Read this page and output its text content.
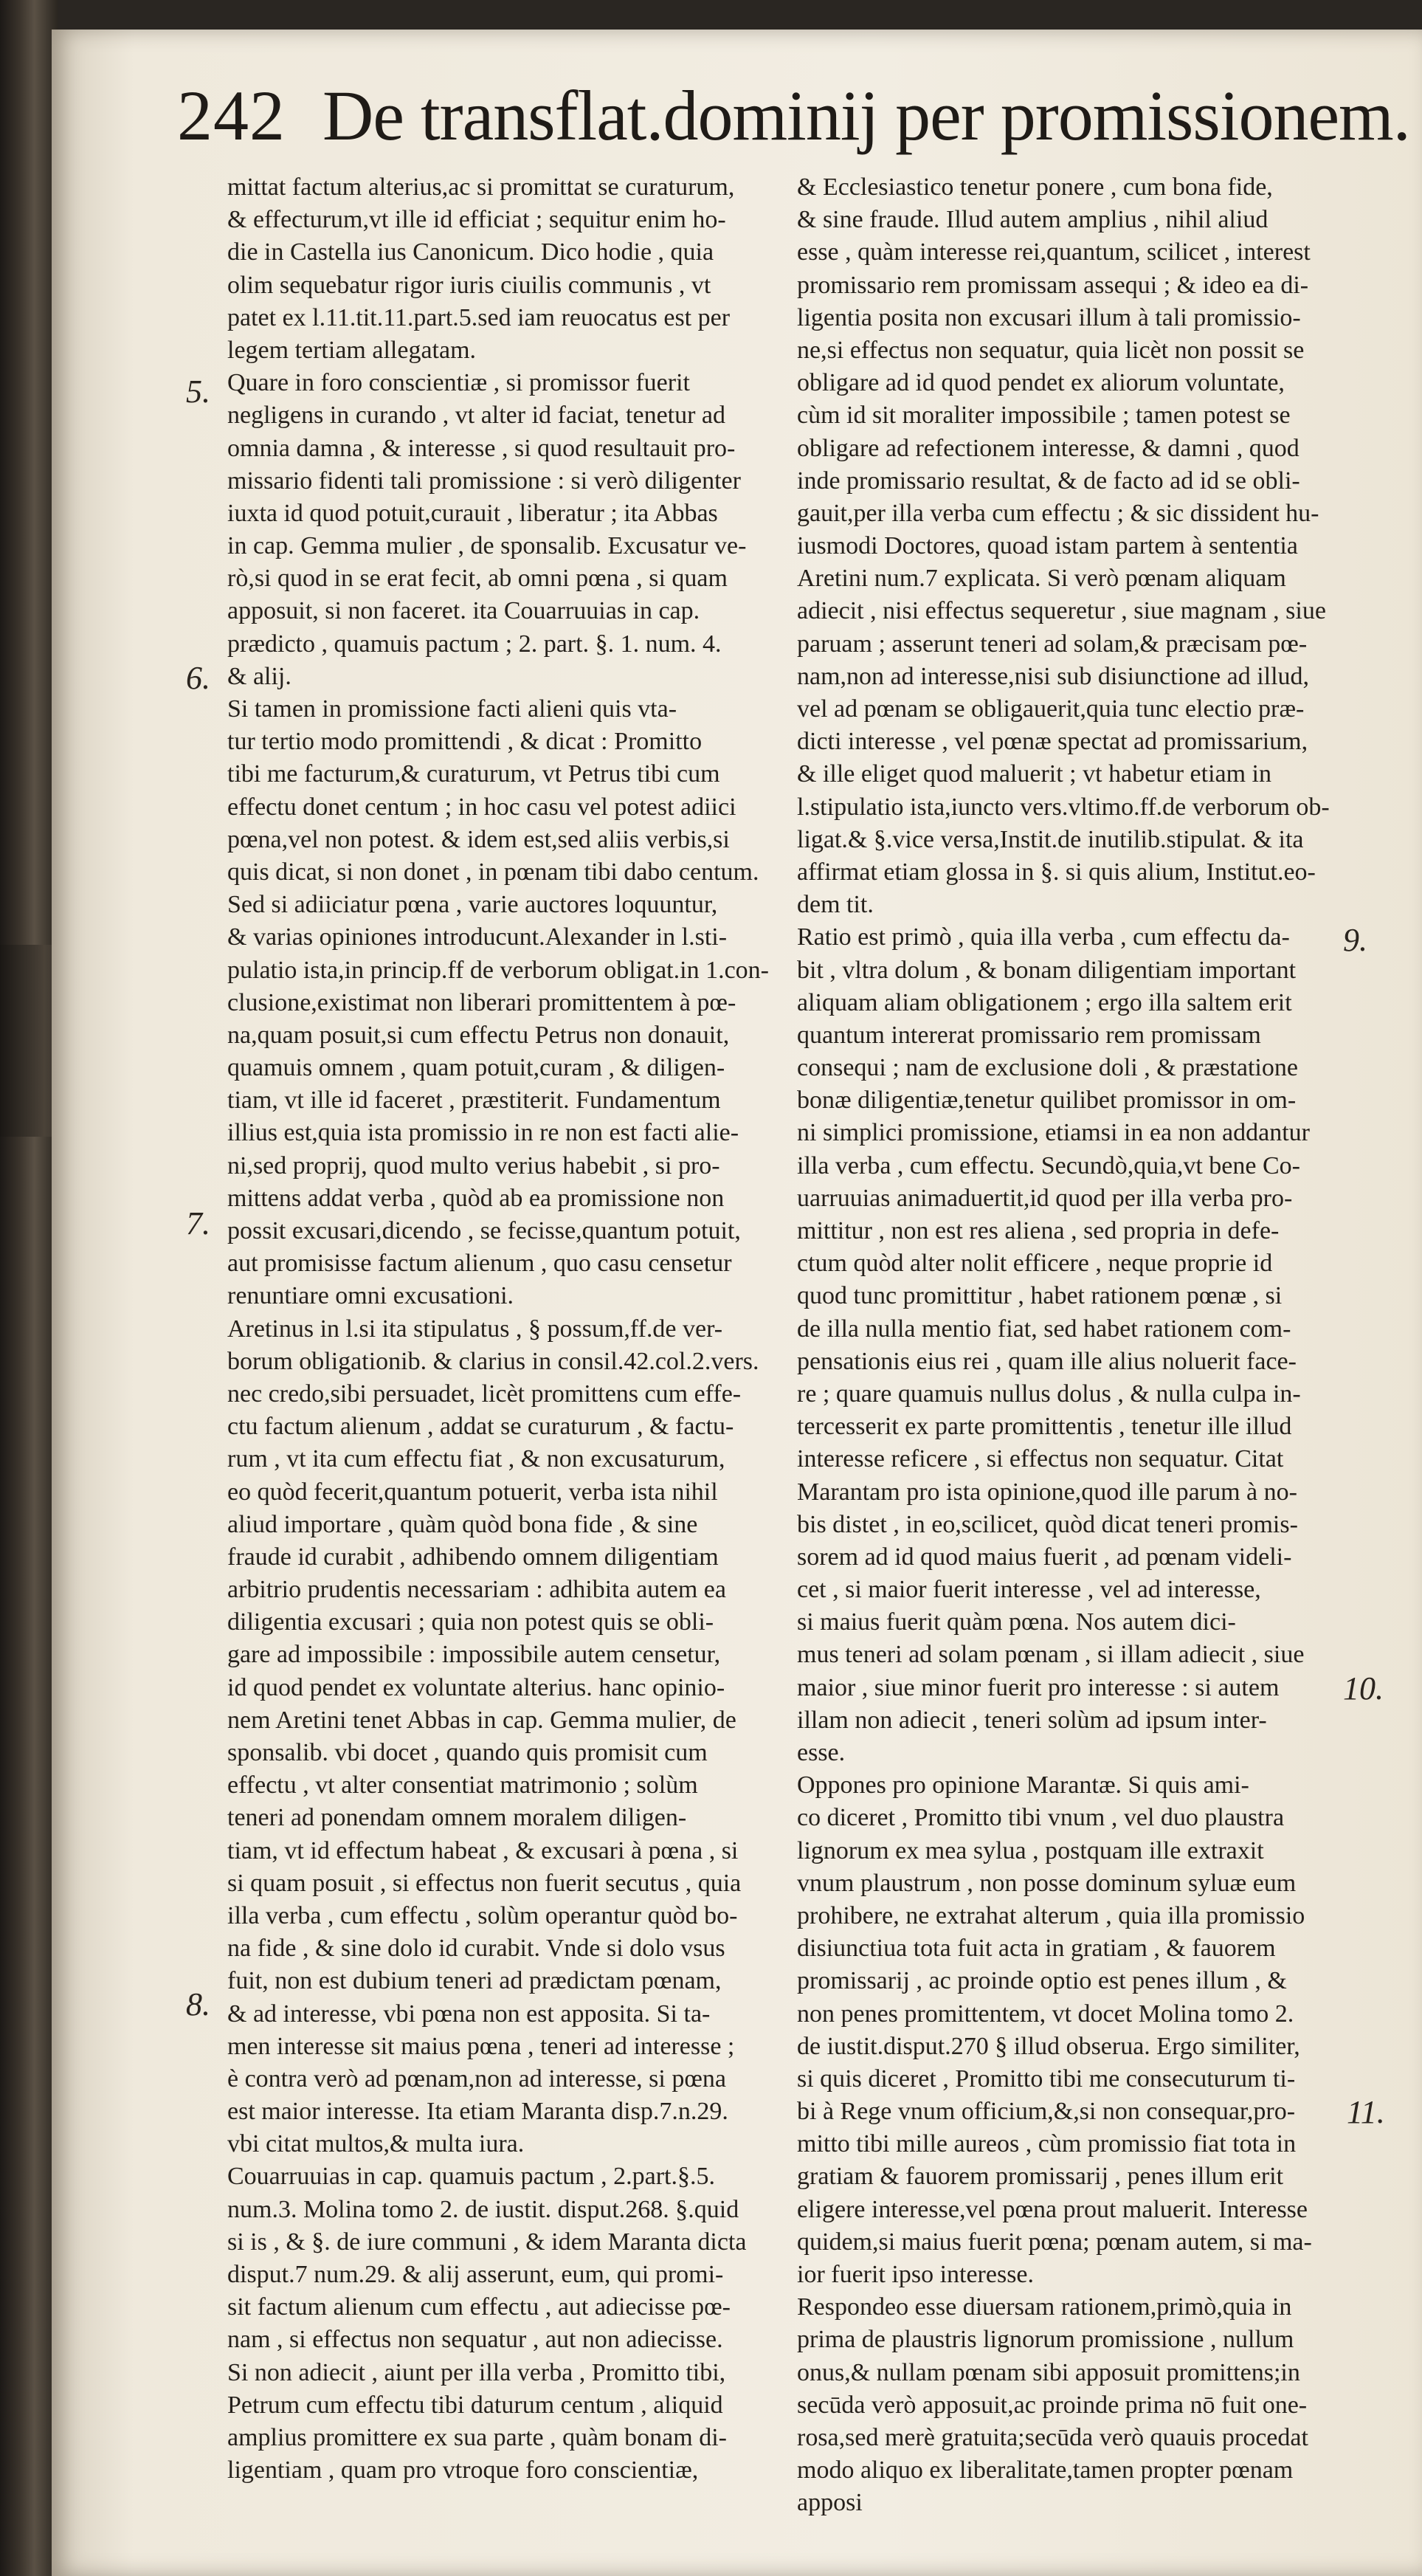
242 De transflat.dominij per promissionem.
5.
6.
7.
8.
9.
10.
11.
mittat factum alterius,ac si promittat se curaturum,
& effecturum,vt ille id efficiat ; sequitur enim ho-
die in Castella ius Canonicum. Dico hodie , quia
olim sequebatur rigor iuris ciuilis communis , vt
patet ex l.11.tit.11.part.5.sed iam reuocatus est per
legem tertiam allegatam.
Quare in foro conscientiæ , si promissor fuerit
negligens in curando , vt alter id faciat, tenetur ad
omnia damna , & interesse , si quod resultauit pro-
missario fidenti tali promissione : si verò diligenter
iuxta id quod potuit,curauit , liberatur ; ita Abbas
in cap. Gemma mulier , de sponsalib. Excusatur ve-
rò,si quod in se erat fecit, ab omni pœna , si quam
apposuit, si non faceret. ita Couarruuias in cap.
prædicto , quamuis pactum ; 2. part. §. 1. num. 4.
& alij.
Si tamen in promissione facti alieni quis vta-
tur tertio modo promittendi , & dicat : Promitto
tibi me facturum,& curaturum, vt Petrus tibi cum
effectu donet centum ; in hoc casu vel potest adiici
pœna,vel non potest. & idem est,sed aliis verbis,si
quis dicat, si non donet , in pœnam tibi dabo centum.
Sed si adiiciatur pœna , varie auctores loquuntur,
& varias opiniones introducunt.Alexander in l.sti-
pulatio ista,in princip.ff de verborum obligat.in 1.con-
clusione,existimat non liberari promittentem à pœ-
na,quam posuit,si cum effectu Petrus non donauit,
quamuis omnem , quam potuit,curam , & diligen-
tiam, vt ille id faceret , præstiterit. Fundamentum
illius est,quia ista promissio in re non est facti alie-
ni,sed proprij, quod multo verius habebit , si pro-
mittens addat verba , quòd ab ea promissione non
possit excusari,dicendo , se fecisse,quantum potuit,
aut promisisse factum alienum , quo casu censetur
renuntiare omni excusationi.
Aretinus in l.si ita stipulatus , § possum,ff.de ver-
borum obligationib. & clarius in consil.42.col.2.vers.
nec credo,sibi persuadet, licèt promittens cum effe-
ctu factum alienum , addat se curaturum , & factu-
rum , vt ita cum effectu fiat , & non excusaturum,
eo quòd fecerit,quantum potuerit, verba ista nihil
aliud importare , quàm quòd bona fide , & sine
fraude id curabit , adhibendo omnem diligentiam
arbitrio prudentis necessariam : adhibita autem ea
diligentia excusari ; quia non potest quis se obli-
gare ad impossibile : impossibile autem censetur,
id quod pendet ex voluntate alterius. hanc opinio-
nem Aretini tenet Abbas in cap. Gemma mulier, de
sponsalib. vbi docet , quando quis promisit cum
effectu , vt alter consentiat matrimonio ; solùm
teneri ad ponendam omnem moralem diligen-
tiam, vt id effectum habeat , & excusari à pœna , si
si quam posuit , si effectus non fuerit secutus , quia
illa verba , cum effectu , solùm operantur quòd bo-
na fide , & sine dolo id curabit. Vnde si dolo vsus
fuit, non est dubium teneri ad prædictam pœnam,
& ad interesse, vbi pœna non est apposita. Si ta-
men interesse sit maius pœna , teneri ad interesse ;
è contra verò ad pœnam,non ad interesse, si pœna
est maior interesse. Ita etiam Maranta disp.7.n.29.
vbi citat multos,& multa iura.
Couarruuias in cap. quamuis pactum , 2.part.§.5.
num.3. Molina tomo 2. de iustit. disput.268. §.quid
si is , & §. de iure communi , & idem Maranta dicta
disput.7 num.29. & alij asserunt, eum, qui promi-
sit factum alienum cum effectu , aut adiecisse pœ-
nam , si effectus non sequatur , aut non adiecisse.
Si non adiecit , aiunt per illa verba , Promitto tibi,
Petrum cum effectu tibi daturum centum , aliquid
amplius promittere ex sua parte , quàm bonam di-
ligentiam , quam pro vtroque foro conscientiæ,
& Ecclesiastico tenetur ponere , cum bona fide,
& sine fraude. Illud autem amplius , nihil aliud
esse , quàm interesse rei,quantum, scilicet , interest
promissario rem promissam assequi ; & ideo ea di-
ligentia posita non excusari illum à tali promissio-
ne,si effectus non sequatur, quia licèt non possit se
obligare ad id quod pendet ex aliorum voluntate,
cùm id sit moraliter impossibile ; tamen potest se
obligare ad refectionem interesse, & damni , quod
inde promissario resultat, & de facto ad id se obli-
gauit,per illa verba cum effectu ; & sic dissident hu-
iusmodi Doctores, quoad istam partem à sententia
Aretini num.7 explicata. Si verò pœnam aliquam
adiecit , nisi effectus sequeretur , siue magnam , siue
paruam ; asserunt teneri ad solam,& præcisam pœ-
nam,non ad interesse,nisi sub disiunctione ad illud,
vel ad pœnam se obligauerit,quia tunc electio præ-
dicti interesse , vel pœnæ spectat ad promissarium,
& ille eliget quod maluerit ; vt habetur etiam in
l.stipulatio ista,iuncto vers.vltimo.ff.de verborum ob-
ligat.& §.vice versa,Instit.de inutilib.stipulat. & ita
affirmat etiam glossa in §. si quis alium, Institut.eo-
dem tit.
Ratio est primò , quia illa verba , cum effectu da-
bit , vltra dolum , & bonam diligentiam important
aliquam aliam obligationem ; ergo illa saltem erit
quantum intererat promissario rem promissam
consequi ; nam de exclusione doli , & præstatione
bonæ diligentiæ,tenetur quilibet promissor in om-
ni simplici promissione, etiamsi in ea non addantur
illa verba , cum effectu. Secundò,quia,vt bene Co-
uarruuias animaduertit,id quod per illa verba pro-
mittitur , non est res aliena , sed propria in defe-
ctum quòd alter nolit efficere , neque proprie id
quod tunc promittitur , habet rationem pœnæ , si
de illa nulla mentio fiat, sed habet rationem com-
pensationis eius rei , quam ille alius noluerit face-
re ; quare quamuis nullus dolus , & nulla culpa in-
tercesserit ex parte promittentis , tenetur ille illud
interesse reficere , si effectus non sequatur. Citat
Marantam pro ista opinione,quod ille parum à no-
bis distet , in eo,scilicet, quòd dicat teneri promis-
sorem ad id quod maius fuerit , ad pœnam videli-
cet , si maior fuerit interesse , vel ad interesse,
si maius fuerit quàm pœna. Nos autem dici-
mus teneri ad solam pœnam , si illam adiecit , siue
maior , siue minor fuerit pro interesse : si autem
illam non adiecit , teneri solùm ad ipsum inter-
esse.
Oppones pro opinione Marantæ. Si quis ami-
co diceret , Promitto tibi vnum , vel duo plaustra
lignorum ex mea sylua , postquam ille extraxit
vnum plaustrum , non posse dominum syluæ eum
prohibere, ne extrahat alterum , quia illa promissio
disiunctiua tota fuit acta in gratiam , & fauorem
promissarij , ac proinde optio est penes illum , &
non penes promittentem, vt docet Molina tomo 2.
de iustit.disput.270 § illud obserua. Ergo similiter,
si quis diceret , Promitto tibi me consecuturum ti-
bi à Rege vnum officium,&,si non consequar,pro-
mitto tibi mille aureos , cùm promissio fiat tota in
gratiam & fauorem promissarij , penes illum erit
eligere interesse,vel pœna prout maluerit. Interesse
quidem,si maius fuerit pœna; pœnam autem, si ma-
ior fuerit ipso interesse.
Respondeo esse diuersam rationem,primò,quia in
prima de plaustris lignorum promissione , nullum
onus,& nullam pœnam sibi apposuit promittens;in
secūda verò apposuit,ac proinde prima nō fuit one-
rosa,sed merè gratuita;secūda verò quauis procedat
modo aliquo ex liberalitate,tamen propter pœnam
apposi
